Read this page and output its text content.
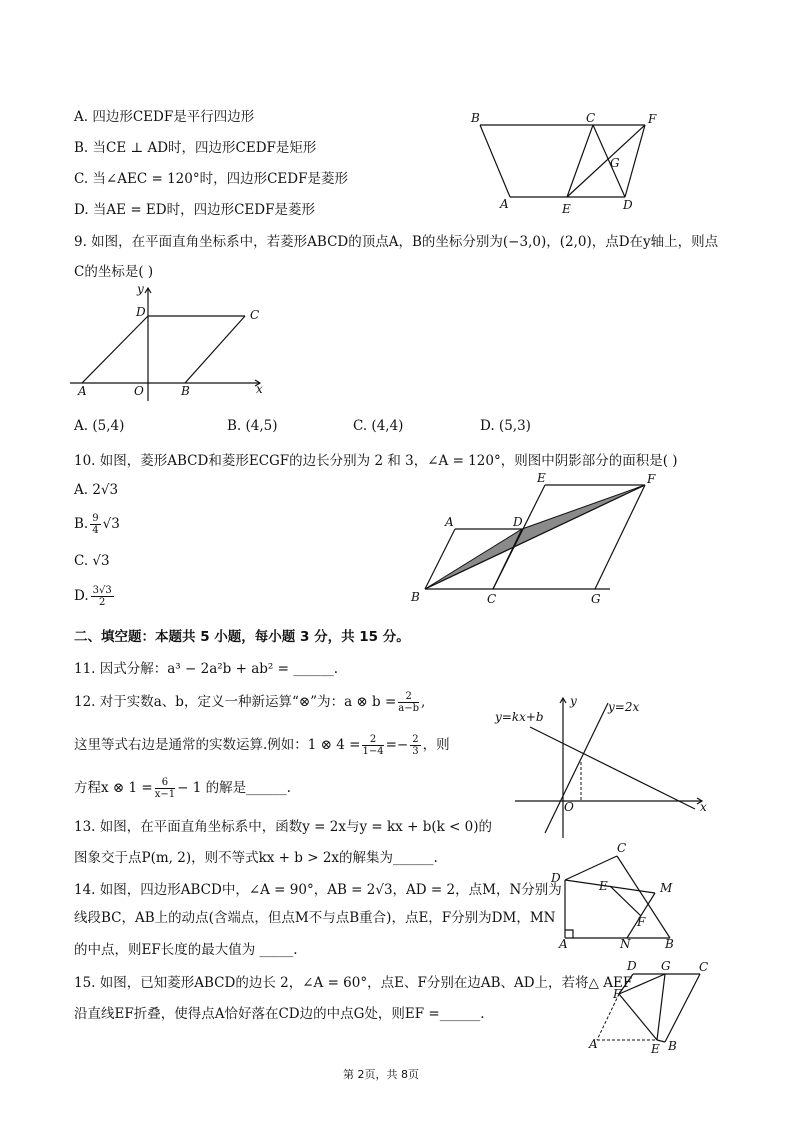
A. 四边形CEDF是平行四边形
B. 当CE ⊥ AD时，四边形CEDF是矩形
C. 当∠AEC = 120°时，四边形CEDF是菱形
D. 当AE = ED时，四边形CEDF是菱形
B	C	F
G
A	E	D
9. 如图，在平面直角坐标系中，若菱形ABCD的顶点A，B的坐标分别为(−3,0)，(2,0)，点D在y轴上，则点
C的坐标是( )
y
D	C
A	O	B	x
A. (5,4)	B. (4,5)	C. (4,4)	D. (5,3)
10. 如图，菱形ABCD和菱形ECGF的边长分别为 2 和 3，∠A = 120°，则图中阴影部分的面积是( )
A. 2√3
B. $\frac{9}{4} √3$
C. √3
D. $\frac{3√3}{2}$
E	F
A	D
B	C	G
二、填空题：本题共 5 小题，每小题 3 分，共 15 分。
11. 因式分解：a³ − 2a²b + ab² = ______.
12. 对于实数a、b，定义一种新运算“⊗”为：a ⊗ $b = \frac{2}{a-b}$ ,
这里等式右边是通常的实数运算.例如：1 ⊗ $4 = \frac{2}{1-4} =- \frac{2}{3}$ ，则
方程x ⊗ $1 = \frac{6}{x-1} - 1$ 的解是______.
y	y=2x
y=kx+b
O	x
13. 如图，在平面直角坐标系中，函数y = 2x与y = kx + b(k < 0)的
图象交于点P(m, 2)，则不等式kx + b > 2x的解集为______.
14. 如图，四边形ABCD中，∠A = 90°，AB = 2√3，AD = 2，点M，N分别为
线段BC，AB上的动点(含端点，但点M不与点B重合)，点E，F分别为DM，MN
的中点，则EF长度的最大值为 _____.
C
D
E	M
F
A	N	B
15. 如图，已知菱形ABCD的边长 2，∠A = 60°，点E、F分别在边AB、AD上，若将△ AEF
沿直线EF折叠，使得点A恰好落在CD边的中点G处，则EF =______.
D G C
F
A	E B
第 2页，共 8页
